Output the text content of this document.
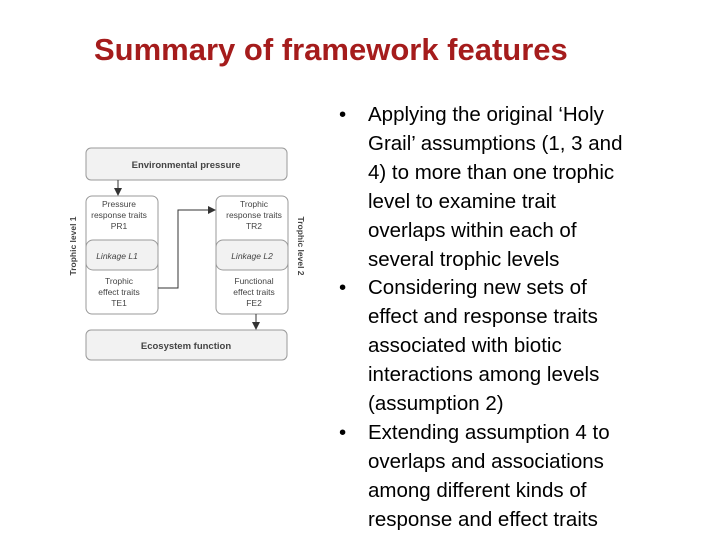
Summary of framework features
Environmental pressure
Ecosystem function
Linkage L1	Linkage L2
Pressure
response traits
PR1
Trophic
effect traits
TE1
Trophic
response traits
TR2
Functional
effect traits
FE2
Trophic level 1	Trophic level 2
• Applying the original ‘Holy
Grail’ assumptions (1, 3 and
4) to more than one trophic
level to examine trait
overlaps within each of
several trophic levels
• Considering new sets of
effect and response traits
associated with biotic
interactions among levels
(assumption 2)
• Extending assumption 4 to
overlaps and associations
among different kinds of
response and effect traits
